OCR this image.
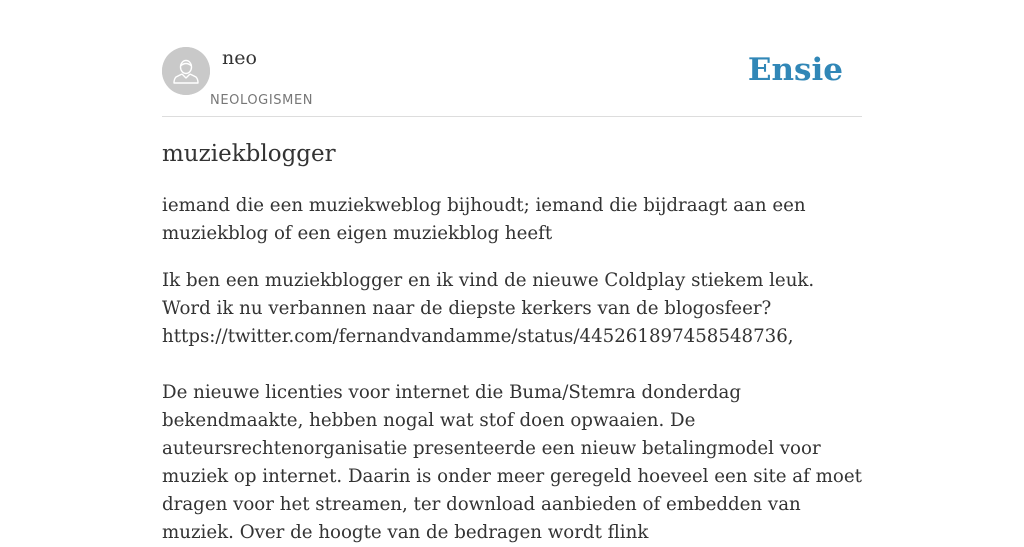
neo
NEOLOGISMEN
Ensie
muziekblogger

iemand die een muziekweblog bijhoudt; iemand die bijdraagt aan een muziekblog of een eigen muziekblog heeft

Ik ben een muziekblogger en ik vind de nieuwe Coldplay stiekem leuk. Word ik nu verbannen naar de diepste kerkers van de blogosfeer? https://twitter.com/fernandvandamme/status/445261897458548736,

De nieuwe licenties voor internet die Buma/Stemra donderdag bekendmaakte, hebben nogal wat stof doen opwaaien. De auteursrechtenorganisatie presenteerde een nieuw betalingmodel voor muziek op internet. Daarin is onder meer geregeld hoeveel een site af moet dragen voor het streamen, ter download aanbieden of embedden van muziek. Over de hoogte van de bedragen wordt flink
